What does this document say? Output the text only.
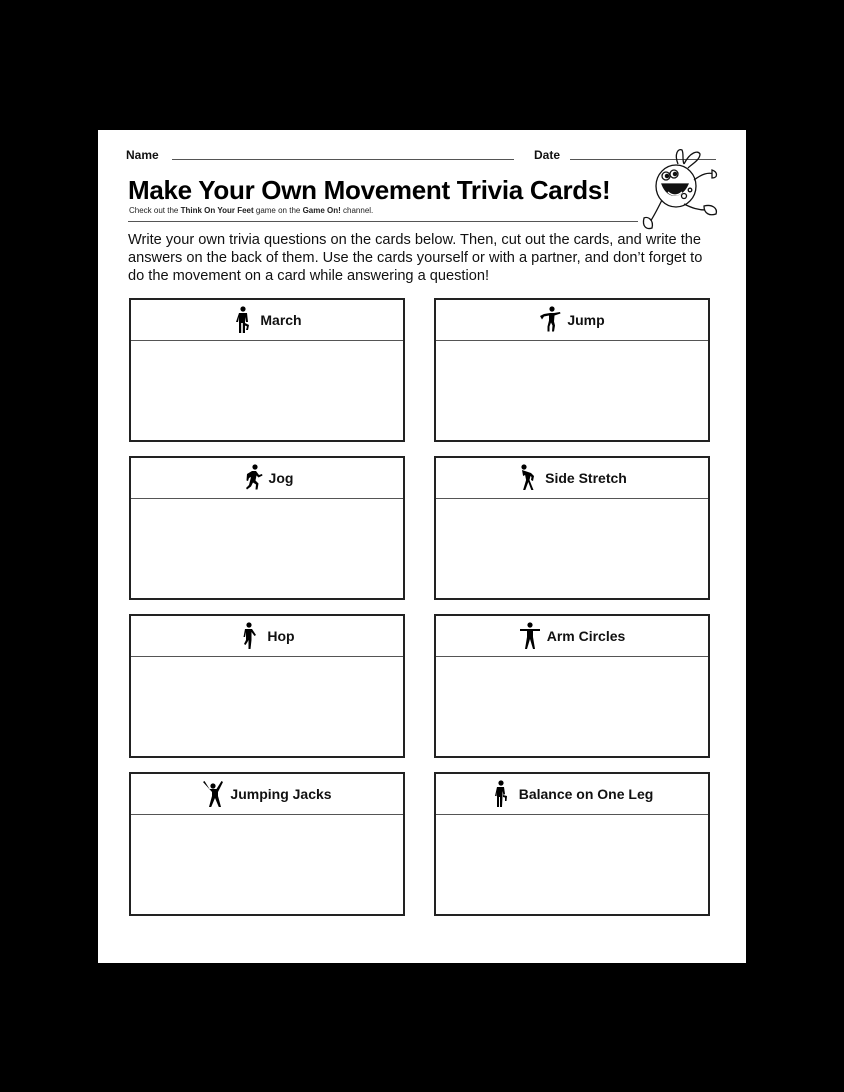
Name	Date
Make Your Own Movement Trivia Cards!
Check out the Think On Your Feet game on the Game On! channel.
Write your own trivia questions on the cards below. Then, cut out the cards, and write the answers on the back of them. Use the cards yourself or with a partner, and don’t forget to do the movement on a card while answering a question!
March	Jump
Jog	Side Stretch
Hop	Arm Circles
Jumping Jacks	Balance on One Leg
